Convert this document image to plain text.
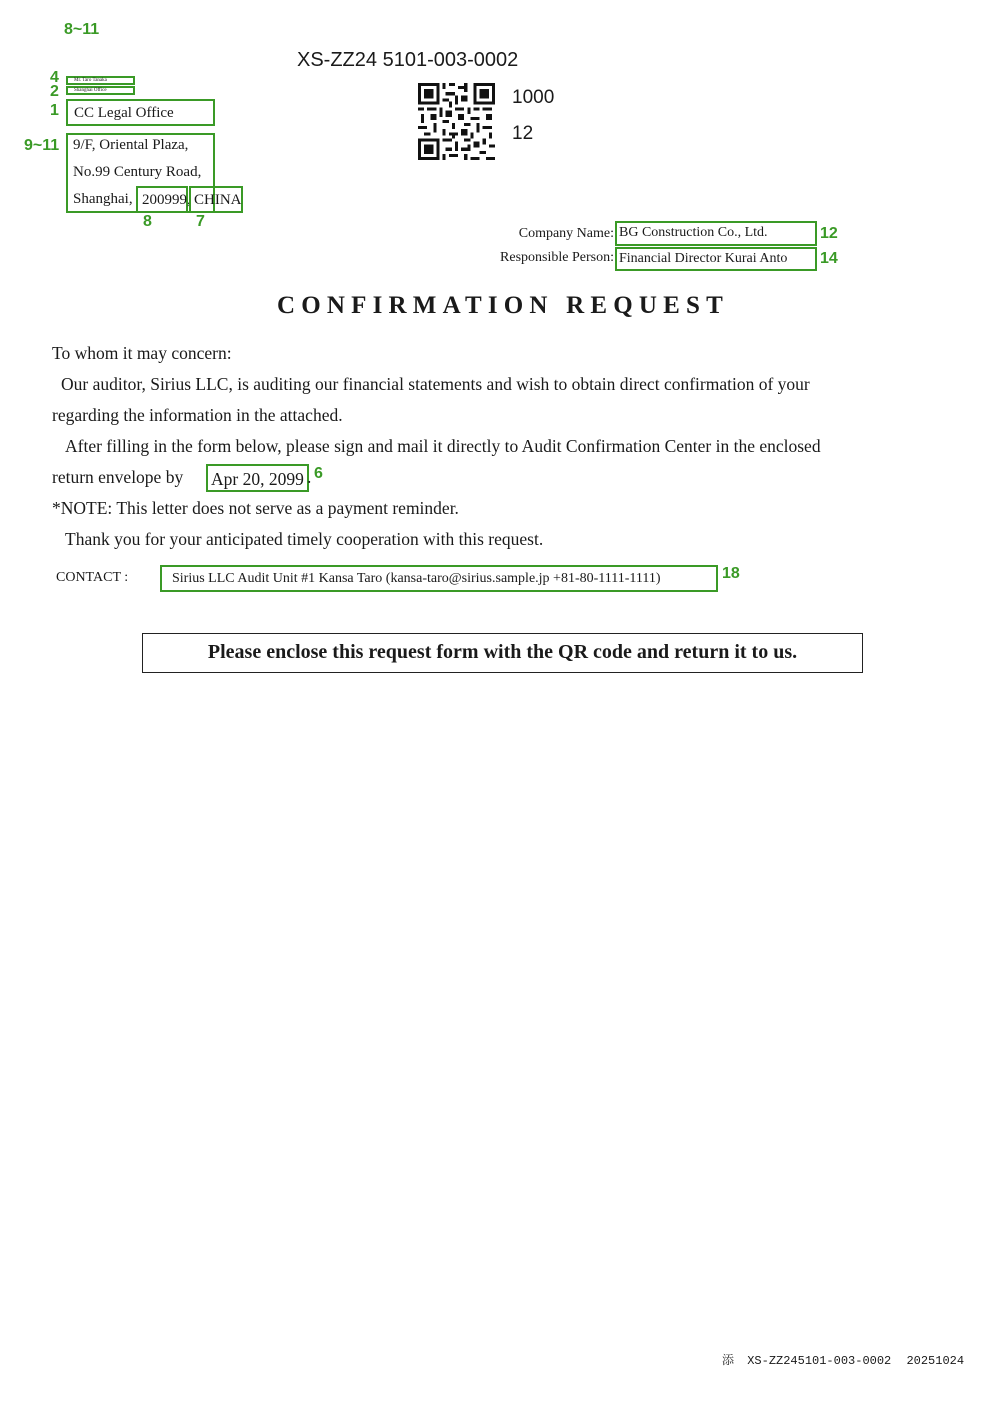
8~11
4
2
1
9~11
8	7
12
14
6
18
XS-ZZ24 5101-003-0002
1000
12
Mr. Taro Tanaka
Shanghai Office
CC Legal Office
9/F, Oriental Plaza,
No.99 Century Road,
Shanghai, 200999, CHINA
Company Name: BG Construction Co., Ltd.
Responsible Person: Financial Director Kurai Anto
CONFIRMATION REQUEST
To whom it may concern:
Our auditor, Sirius LLC, is auditing our financial statements and wish to obtain direct confirmation of your
regarding the information in the attached.
After filling in the form below, please sign and mail it directly to Audit Confirmation Center in the enclosed
return envelope by Apr 20, 2099 .
*NOTE: This letter does not serve as a payment reminder.
Thank you for your anticipated timely cooperation with this request.
CONTACT :	Sirius LLC Audit Unit #1 Kansa Taro (kansa-taro@sirius.sample.jp +81-80-1111-1111)
Please enclose this request form with the QR code and return it to us.
添 XS-ZZ245101-003-0002 20251024
